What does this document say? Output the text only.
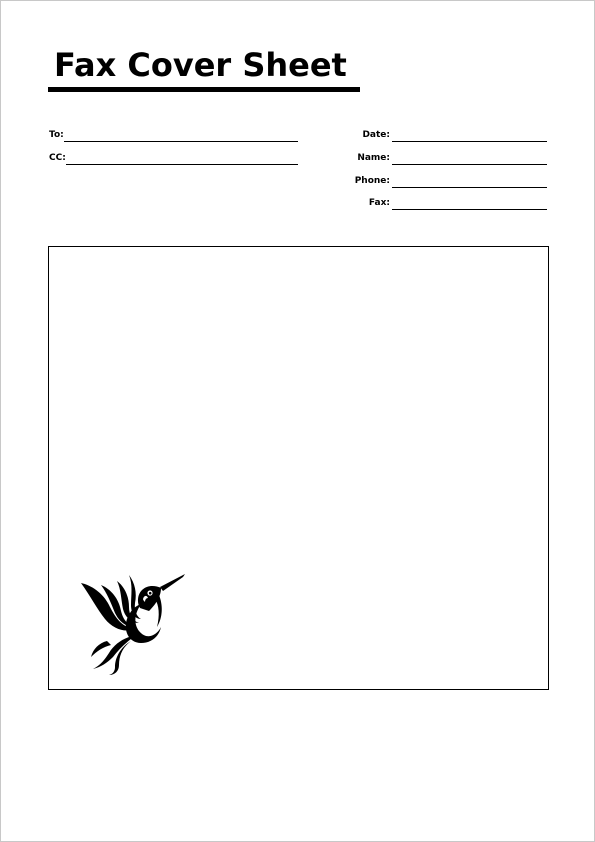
Fax Cover Sheet
To:
CC:
Date:
Name:
Phone:
Fax:
